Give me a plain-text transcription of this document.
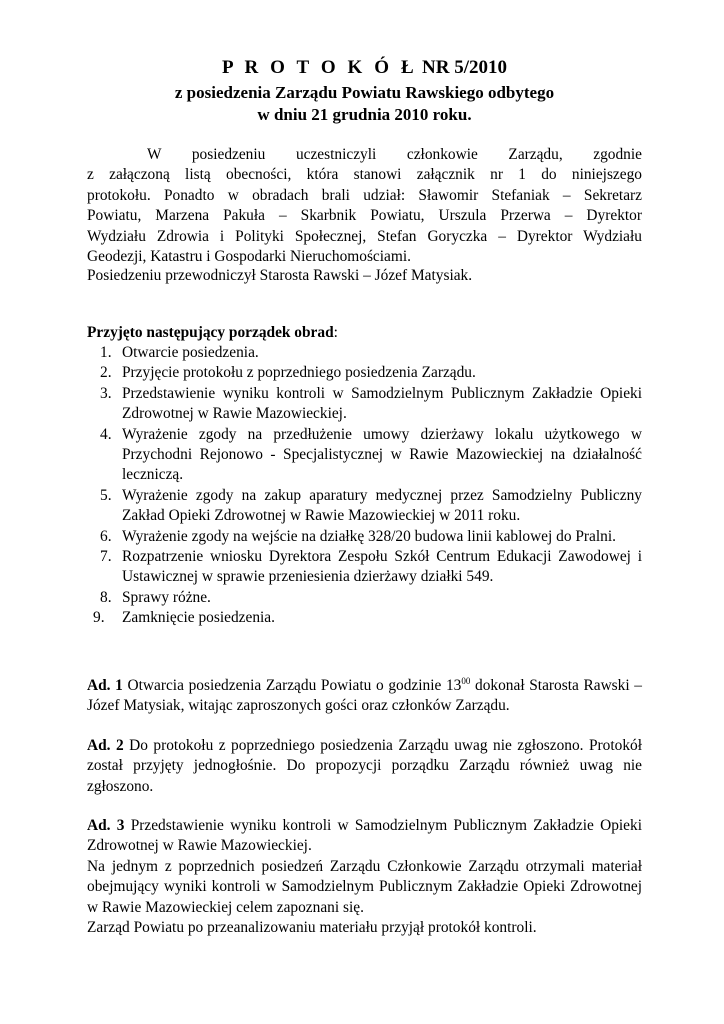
P R O T O K Ó Ł NR 5/2010
z posiedzenia Zarządu Powiatu Rawskiego odbytego
w dniu 21 grudnia 2010 roku.
W posiedzeniu uczestniczyli członkowie Zarządu, zgodnie
z załączoną listą obecności, która stanowi załącznik nr 1 do niniejszego
protokołu. Ponadto w obradach brali udział: Sławomir Stefaniak – Sekretarz
Powiatu, Marzena Pakuła – Skarbnik Powiatu, Urszula Przerwa – Dyrektor
Wydziału Zdrowia i Polityki Społecznej, Stefan Goryczka – Dyrektor Wydziału
Geodezji, Katastru i Gospodarki Nieruchomościami.
Posiedzeniu przewodniczył Starosta Rawski – Józef Matysiak.
Przyjęto następujący porządek obrad:
1. Otwarcie posiedzenia.
2. Przyjęcie protokołu z poprzedniego posiedzenia Zarządu.
3. Przedstawienie wyniku kontroli w Samodzielnym Publicznym Zakładzie Opieki Zdrowotnej w Rawie Mazowieckiej.
4. Wyrażenie zgody na przedłużenie umowy dzierżawy lokalu użytkowego w Przychodni Rejonowo - Specjalistycznej w Rawie Mazowieckiej na działalność leczniczą.
5. Wyrażenie zgody na zakup aparatury medycznej przez Samodzielny Publiczny Zakład Opieki Zdrowotnej w Rawie Mazowieckiej w 2011 roku.
6. Wyrażenie zgody na wejście na działkę 328/20 budowa linii kablowej do Pralni.
7. Rozpatrzenie wniosku Dyrektora Zespołu Szkół Centrum Edukacji Zawodowej i Ustawicznej w sprawie przeniesienia dzierżawy działki 549.
8. Sprawy różne.
9. Zamknięcie posiedzenia.
Ad. 1 Otwarcia posiedzenia Zarządu Powiatu o godzinie $13^{00}$ dokonał Starosta Rawski – Józef Matysiak, witając zaproszonych gości oraz członków Zarządu.
Ad. 2 Do protokołu z poprzedniego posiedzenia Zarządu uwag nie zgłoszono. Protokół został przyjęty jednogłośnie. Do propozycji porządku Zarządu również uwag nie zgłoszono.
Ad. 3 Przedstawienie wyniku kontroli w Samodzielnym Publicznym Zakładzie Opieki Zdrowotnej w Rawie Mazowieckiej.
Na jednym z poprzednich posiedzeń Zarządu Członkowie Zarządu otrzymali materiał obejmujący wyniki kontroli w Samodzielnym Publicznym Zakładzie Opieki Zdrowotnej w Rawie Mazowieckiej celem zapoznani się.
Zarząd Powiatu po przeanalizowaniu materiału przyjął protokół kontroli.
